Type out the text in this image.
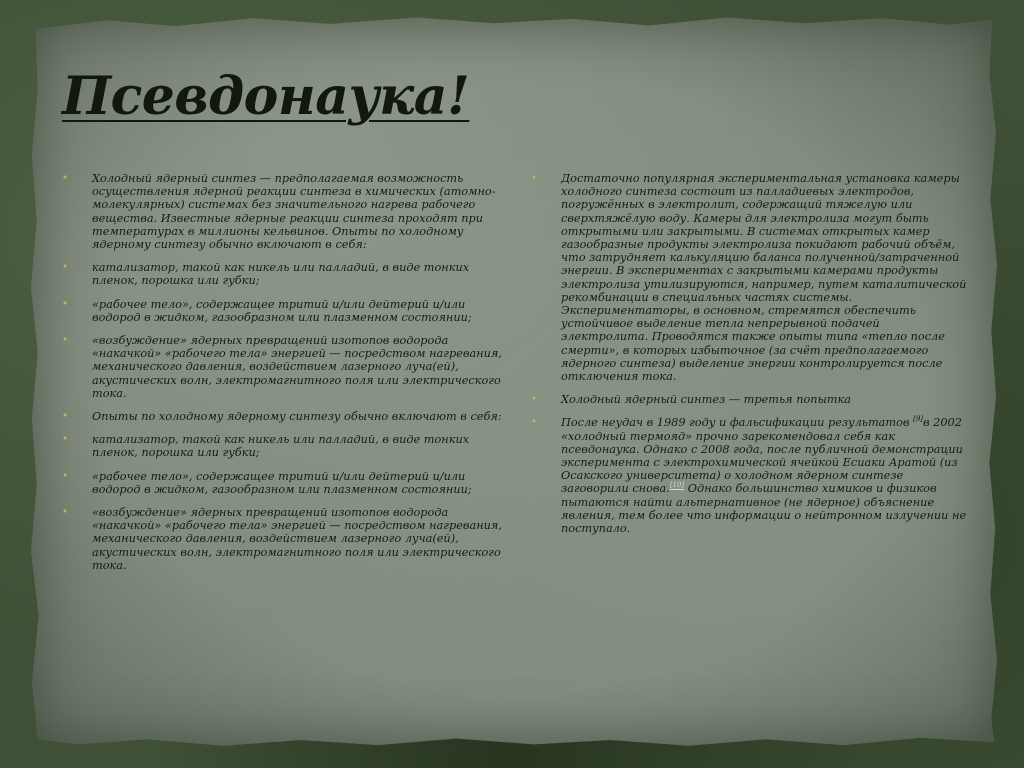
Псевдонаука!
• Холодный ядерный синтез — предполагаемая возможность осуществления ядерной реакции синтеза в химических (атомно-молекулярных) системах без значительного нагрева рабочего вещества. Известные ядерные реакции синтеза проходят при температурах в миллионы кельвинов. Опыты по холодному ядерному синтезу обычно включают в себя:
• катализатор, такой как никель или палладий, в виде тонких пленок, порошка или губки;
• «рабочее тело», содержащее тритий и/или дейтерий и/или водород в жидком, газообразном или плазменном состоянии;
• «возбуждение» ядерных превращений изотопов водорода «накачкой» «рабочего тела» энергией — посредством нагревания, механического давления, воздействием лазерного луча(ей), акустических волн, электромагнитного поля или электрического тока.
• Опыты по холодному ядерному синтезу обычно включают в себя:
• катализатор, такой как никель или палладий, в виде тонких пленок, порошка или губки;
• «рабочее тело», содержащее тритий и/или дейтерий и/или водород в жидком, газообразном или плазменном состоянии;
• «возбуждение» ядерных превращений изотопов водорода «накачкой» «рабочего тела» энергией — посредством нагревания, механического давления, воздействием лазерного луча(ей), акустических волн, электромагнитного поля или электрического тока.
• Достаточно популярная экспериментальная установка камеры холодного синтеза состоит из палладиевых электродов, погружённых в электролит, содержащий тяжелую или сверхтяжёлую воду. Камеры для электролиза могут быть открытыми или закрытыми. В системах открытых камер газообразные продукты электролиза покидают рабочий объём, что затрудняет калькуляцию баланса полученной/затраченной энергии. В экспериментах с закрытыми камерами продукты электролиза утилизируются, например, путем каталитической рекомбинации в специальных частях системы. Экспериментаторы, в основном, стремятся обеспечить устойчивое выделение тепла непрерывной подачей электролита. Проводятся также опыты типа «тепло после смерти», в которых избыточное (за счёт предполагаемого ядерного синтеза) выделение энергии контролируется после отключения тока.
• Холодный ядерный синтез — третья попытка
• После неудач в 1989 году и фальсификации результатов [9]в 2002 «холодный термояд» прочно зарекомендовал себя как псевдонаука. Однако с 2008 года, после публичной демонстрации эксперимента с электрохимической ячейкой Есиаки Аратой (из Осакского университета) о холодном ядерном синтезе заговорили снова.[10] Однако большинство химиков и физиков пытаются найти альтернативное (не ядерное) объяснение явления, тем более что информации о нейтронном излучении не поступало.
